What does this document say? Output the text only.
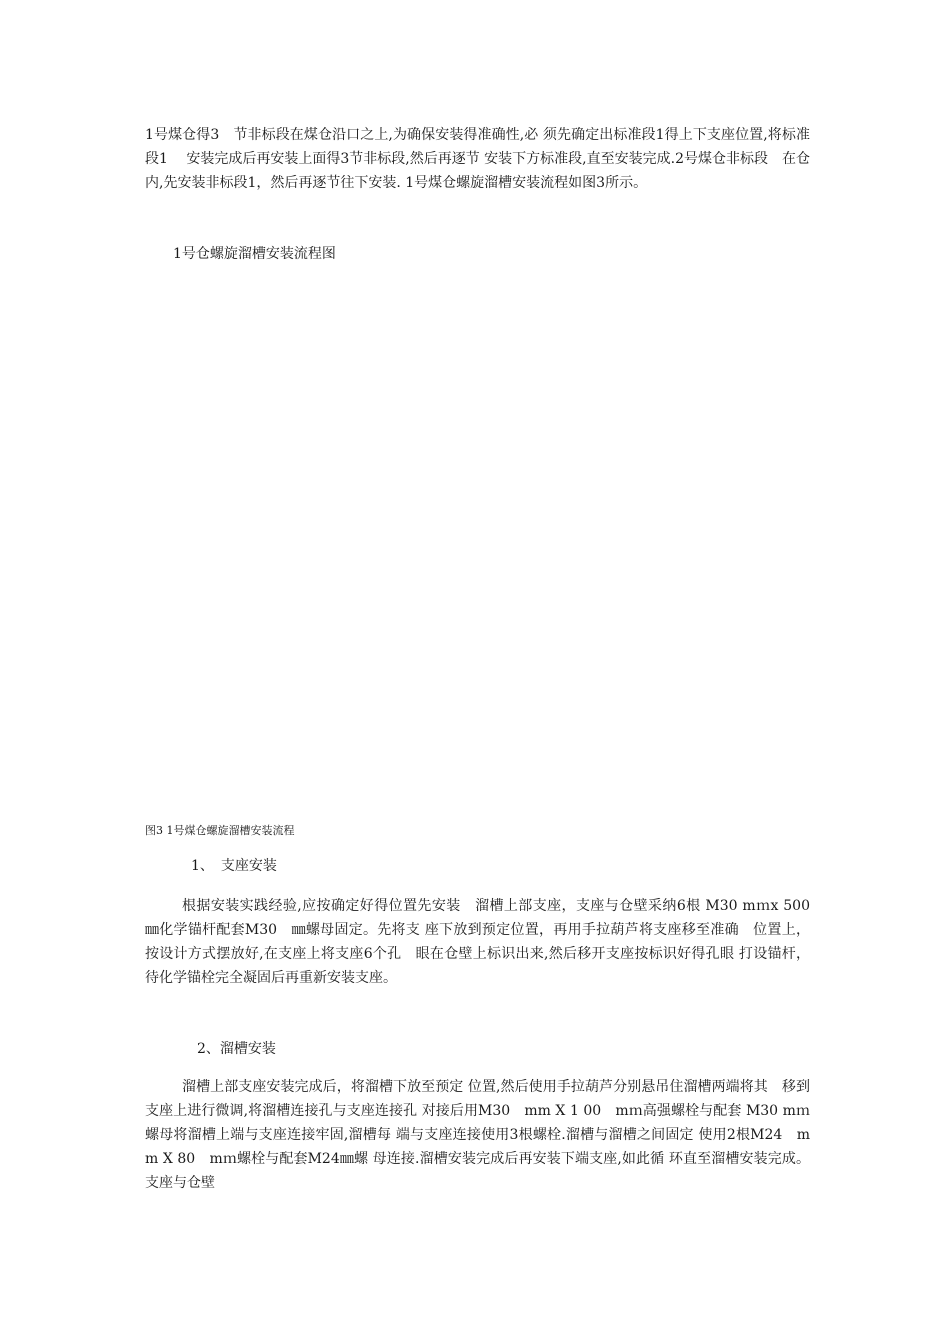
1号煤仓得3　节非标段在煤仓沿口之上,为确保安装得准确性,必 须先确定出标准段1得上下支座位置,将标准段1　 安装完成后再安装上面得3节非标段,然后再逐节 安装下方标准段,直至安装完成.2号煤仓非标段　在仓内,先安装非标段1，然后再逐节往下安装. 1号煤仓螺旋溜槽安装流程如图3所示。

1号仓螺旋溜槽安装流程图

图3 1号煤仓螺旋溜槽安装流程

1、　支座安装

根据安装实践经验,应按确定好得位置先安装　溜槽上部支座，支座与仓壁采纳6根 M30 mｍx 500 ㎜化学锚杆配套M30　㎜螺母固定。先将支 座下放到预定位置，再用手拉葫芦将支座移至准确　位置上，按设计方式摆放好,在支座上将支座6个孔　眼在仓壁上标识出来,然后移开支座按标识好得孔眼 打设锚杆，待化学锚栓完全凝固后再重新安装支座。

2、溜槽安装

溜槽上部支座安装完成后，将溜槽下放至预定 位置,然后使用手拉葫芦分别悬吊住溜槽两端将其　移到支座上进行微调,将溜槽连接孔与支座连接孔 对接后用M30　mm X 1 00　mｍ高强螺栓与配套 M30 mｍ螺母将溜槽上端与支座连接牢固,溜槽每 端与支座连接使用3根螺栓.溜槽与溜槽之间固定 使用2根M24　mm X 80　mｍ螺栓与配套M24㎜螺 母连接.溜槽安装完成后再安装下端支座,如此循 环直至溜槽安装完成。支座与仓壁
